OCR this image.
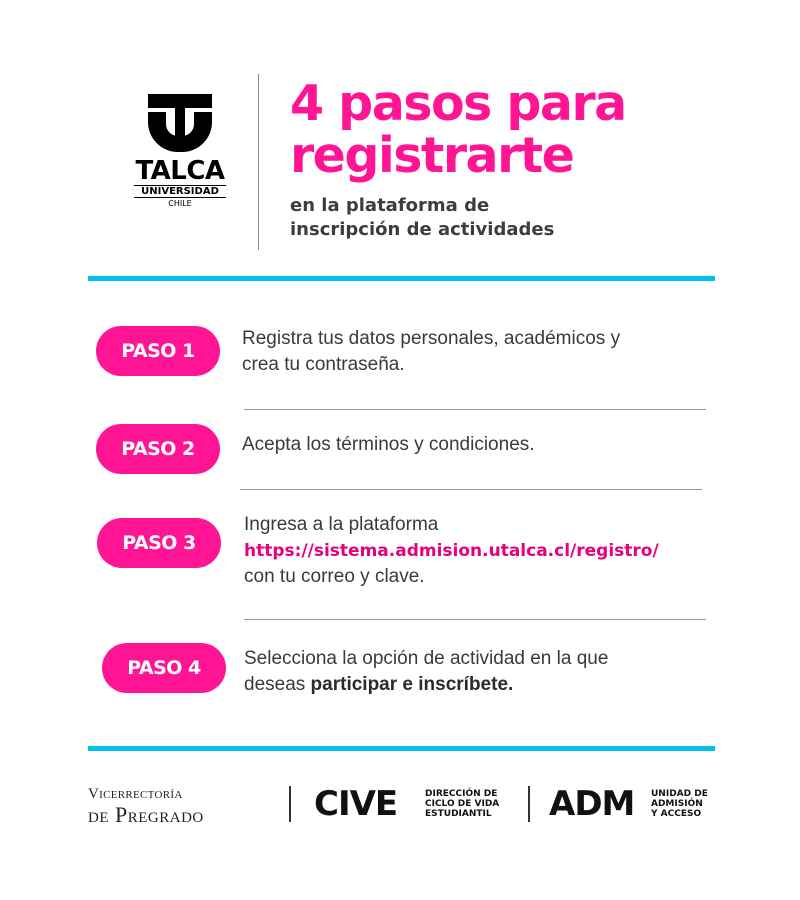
TALCA
UNIVERSIDAD
CHILE
4 pasos para
registrarte
en la plataforma de
inscripción de actividades
PASO 1
Registra tus datos personales, académicos y
crea tu contraseña.
PASO 2	Acepta los términos y condiciones.
PASO 3
Ingresa a la plataforma
https://sistema.admision.utalca.cl/registro/
con tu correo y clave.
PASO 4	Selecciona la opción de actividad en la que
deseas participar e inscríbete.
Vicerrectoría
de Pregrado	CIVE	DIRECCIÓN DE
CICLO DE VIDA
ESTUDIANTIL ADM UNIDAD DE
ADMISIÓN
Y ACCESO
